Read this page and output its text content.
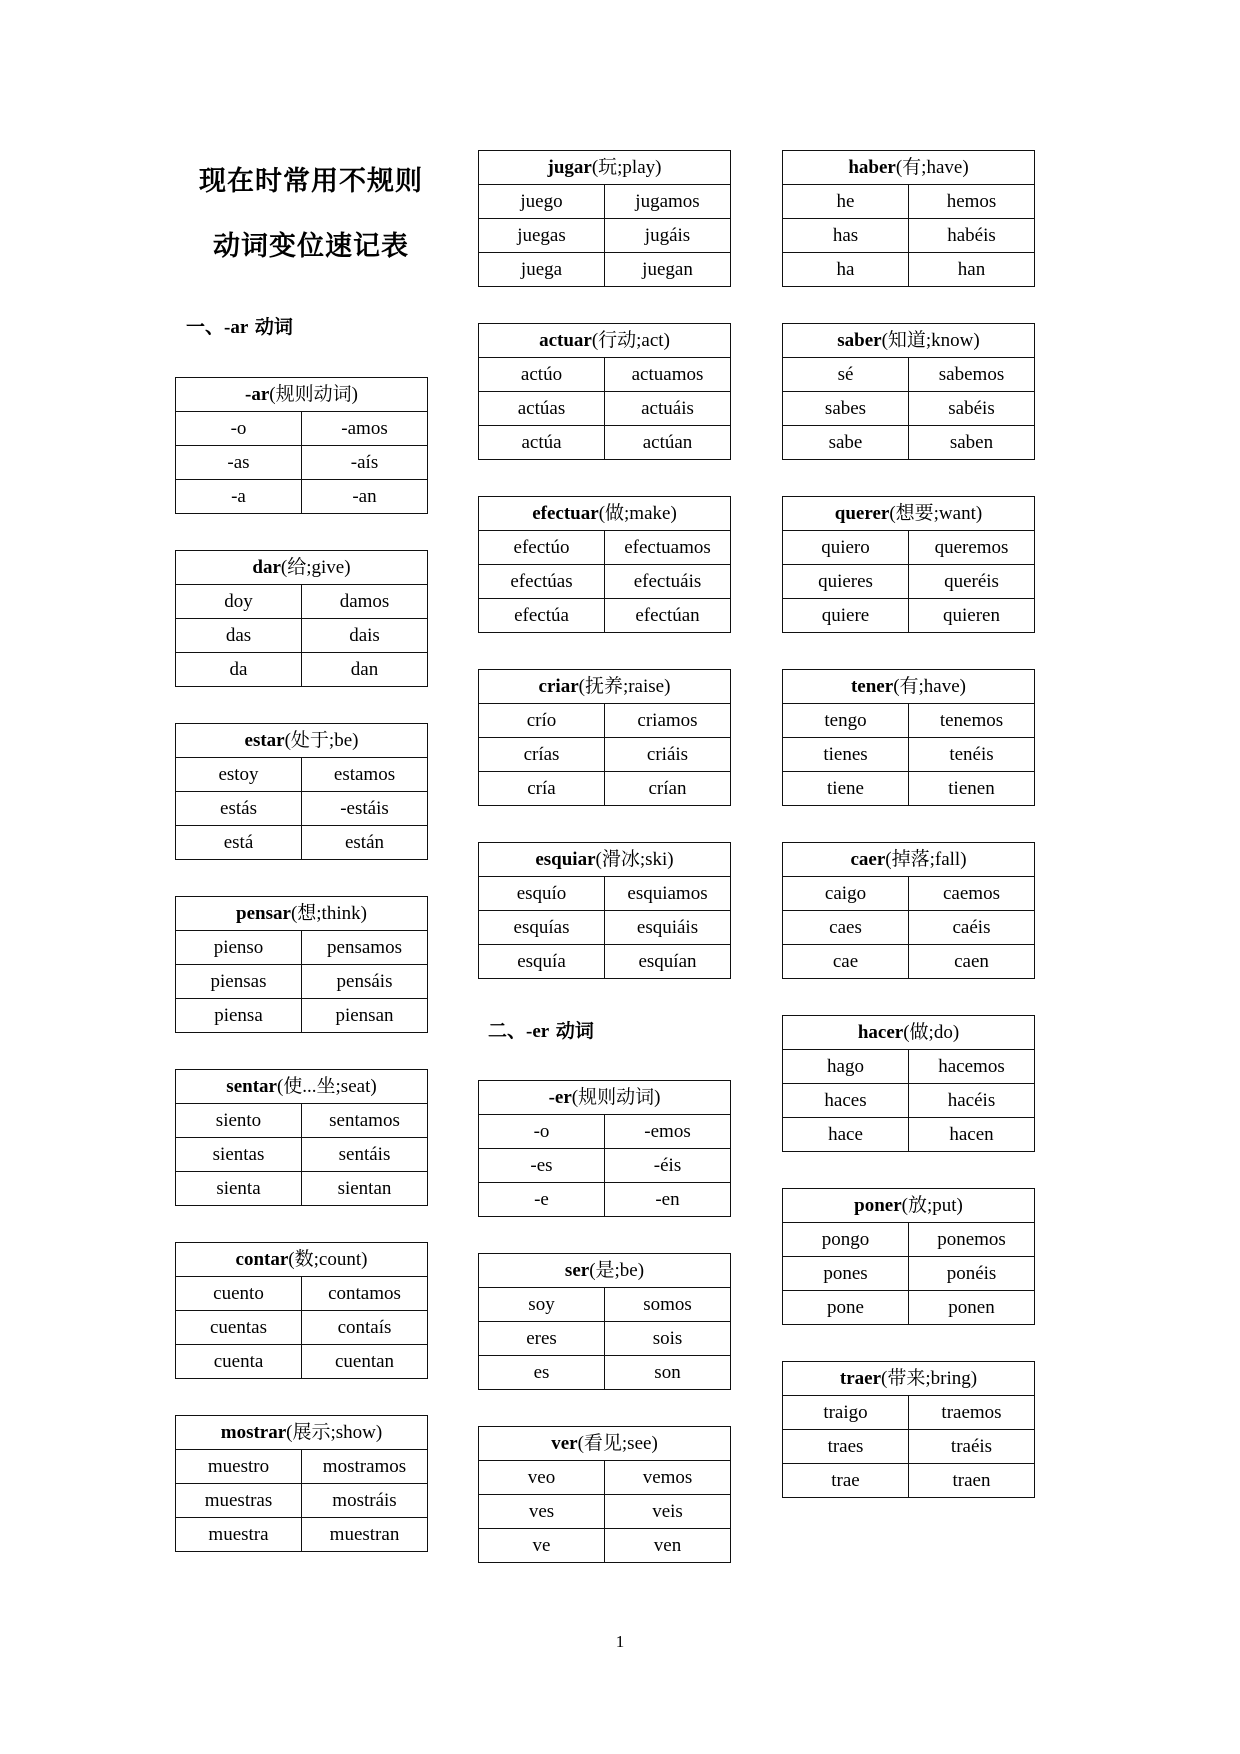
现在时常用不规则
动词变位速记表
一、-ar 动词
二、-er 动词
-ar(规则动词)	
-o	-amos
-as	-aís
-a	-an
dar(给;give)	
doy	damos
das	dais
da	dan
estar(处于;be)	
estoy	estamos
estás	-estáis
está	están
pensar(想;think)	
pienso	pensamos
piensas	pensáis
piensa	piensan
sentar(使...坐;seat)	
siento	sentamos
sientas	sentáis
sienta	sientan
contar(数;count)	
cuento	contamos
cuentas	contaís
cuenta	cuentan
mostrar(展示;show)	
muestro	mostramos
muestras	mostráis
muestra	muestran
jugar(玩;play)	
juego	jugamos
juegas	jugáis
juega	juegan
actuar(行动;act)	
actúo	actuamos
actúas	actuáis
actúa	actúan
efectuar(做;make)	
efectúo	efectuamos
efectúas	efectuáis
efectúa	efectúan
criar(抚养;raise)	
crío	criamos
crías	criáis
cría	crían
esquiar(滑冰;ski)	
esquío	esquiamos
esquías	esquiáis
esquía	esquían
-er(规则动词)	
-o	-emos
-es	-éis
-e	-en
ser(是;be)	
soy	somos
eres	sois
es	son
ver(看见;see)	
veo	vemos
ves	veis
ve	ven
haber(有;have)	
he	hemos
has	habéis
ha	han
saber(知道;know)	
sé	sabemos
sabes	sabéis
sabe	saben
querer(想要;want)	
quiero	queremos
quieres	queréis
quiere	quieren
tener(有;have)	
tengo	tenemos
tienes	tenéis
tiene	tienen
caer(掉落;fall)	
caigo	caemos
caes	caéis
cae	caen
hacer(做;do)	
hago	hacemos
haces	hacéis
hace	hacen
poner(放;put)	
pongo	ponemos
pones	ponéis
pone	ponen
traer(带来;bring)	
traigo	traemos
traes	traéis
trae	traen
1
